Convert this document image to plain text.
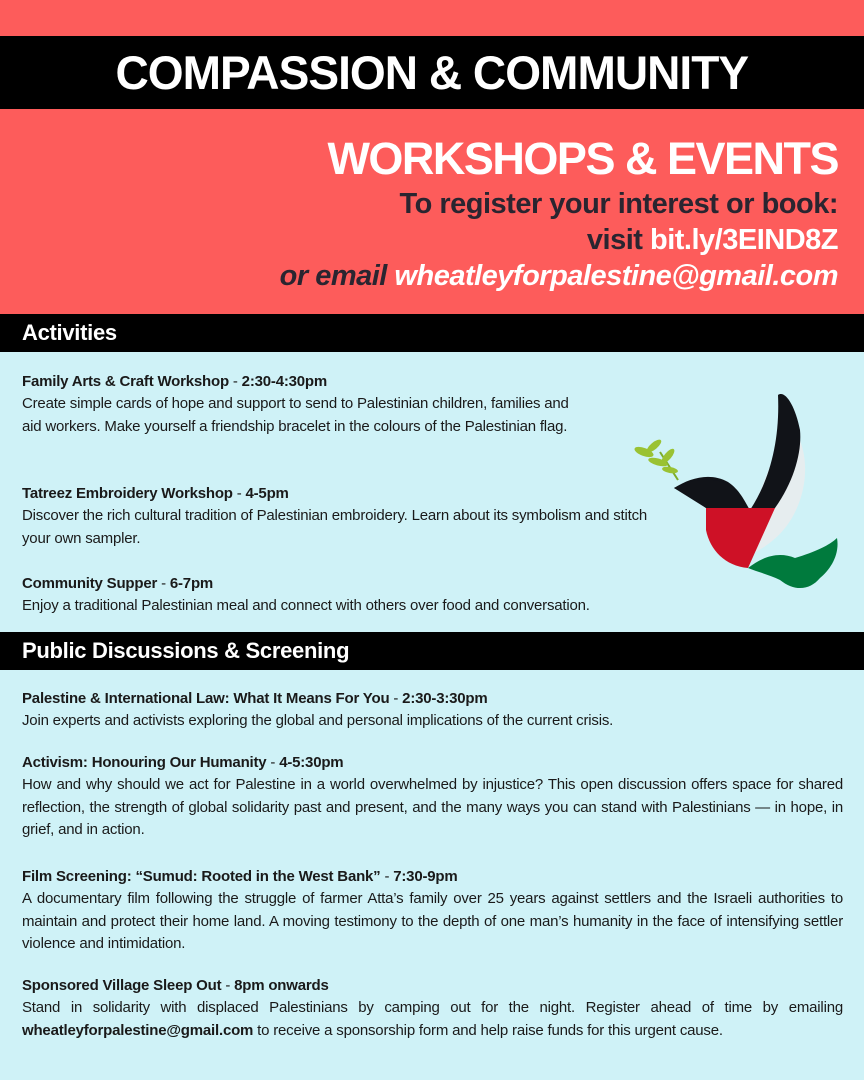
COMPASSION & COMMUNITY
WORKSHOPS & EVENTS
To register your interest or book:
visit bit.ly/3EIND8Z
or email wheatleyforpalestine@gmail.com
Activities
Family Arts & Craft Workshop - 2:30-4:30pm
Create simple cards of hope and support to send to Palestinian children, families and aid workers. Make yourself a friendship bracelet in the colours of the Palestinian flag.
Tatreez Embroidery Workshop - 4-5pm
Discover the rich cultural tradition of Palestinian embroidery. Learn about its symbolism and stitch your own sampler.
Community Supper - 6-7pm
Enjoy a traditional Palestinian meal and connect with others over food and conversation.
Public Discussions & Screening
Palestine & International Law: What It Means For You - 2:30-3:30pm
Join experts and activists exploring the global and personal implications of the current crisis.
Activism: Honouring Our Humanity - 4-5:30pm
How and why should we act for Palestine in a world overwhelmed by injustice? This open discussion offers space for shared reflection, the strength of global solidarity past and present, and the many ways you can stand with Palestinians — in hope, in grief, and in action.
Film Screening: “Sumud: Rooted in the West Bank” - 7:30-9pm
A documentary film following the struggle of farmer Atta’s family over 25 years against settlers and the Israeli authorities to maintain and protect their home land. A moving testimony to the depth of one man’s humanity in the face of intensifying settler violence and intimidation.
Sponsored Village Sleep Out - 8pm onwards
Stand in solidarity with displaced Palestinians by camping out for the night. Register ahead of time by emailing wheatleyforpalestine@gmail.com to receive a sponsorship form and help raise funds for this urgent cause.
